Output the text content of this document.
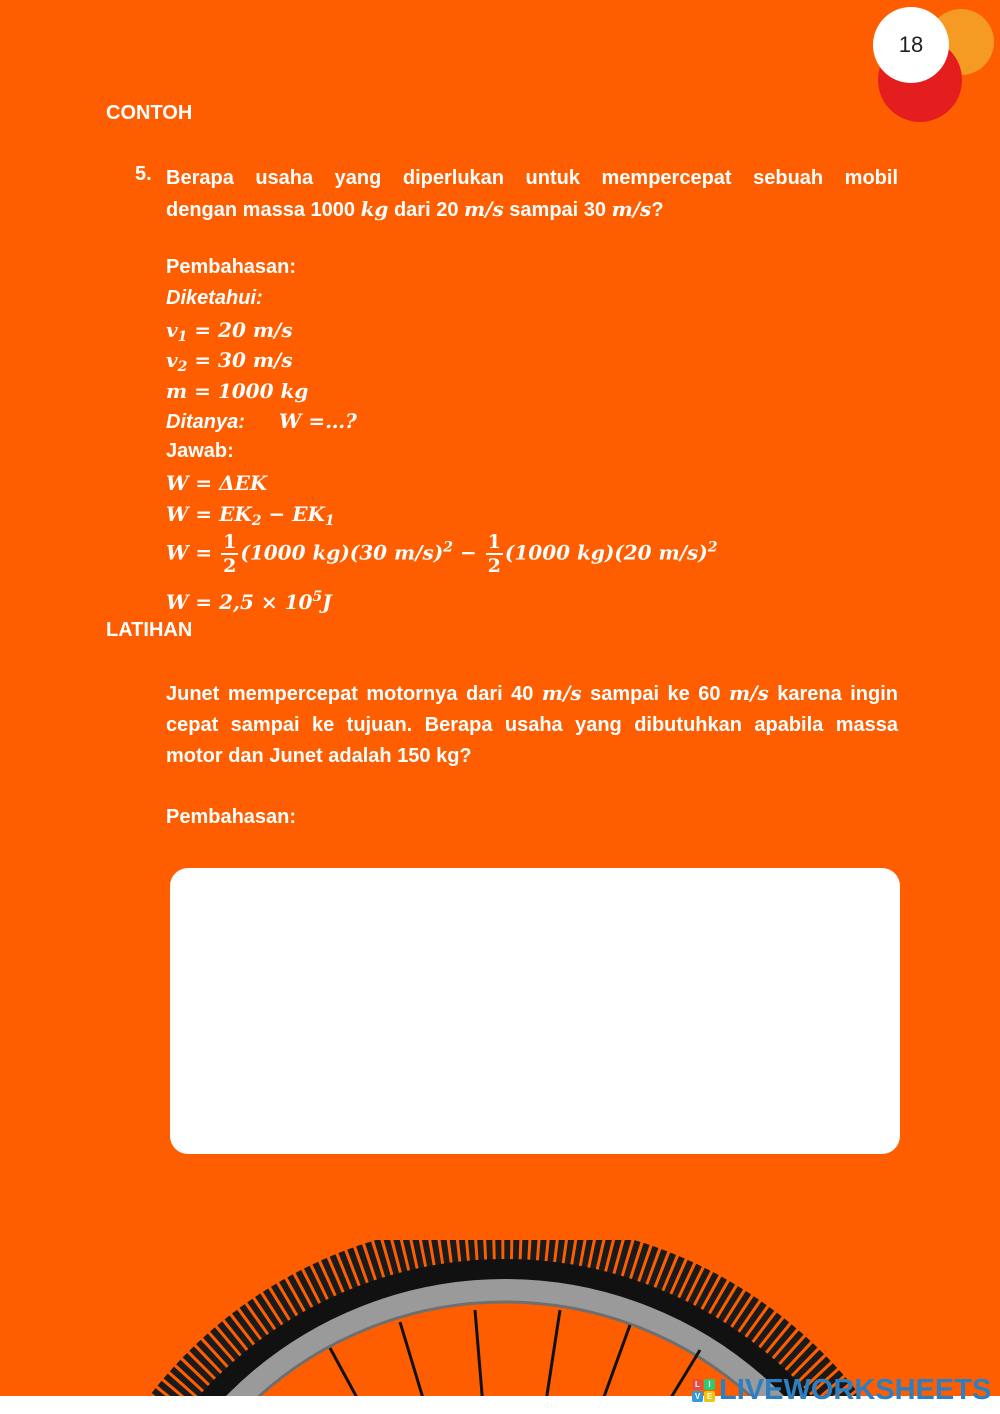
18
CONTOH
5. Berapa usaha yang diperlukan untuk mempercepat sebuah mobil
dengan massa 1000 kg dari 20 m/s sampai 30 m/s?
Pembahasan:
Diketahui:
$v_1 = 20$ m/s
$v_2 = 30$ m/s
m = 1000 kg
Ditanya: W =…?
Jawab:
W = ΔEK
$W = EK_2 - EK_1$
$W = \frac{1}{2} (1000$ kg)(30 $m/s)^2 - \frac{1}{2} (1000$ kg)(20 m/s)$^2$
$W = 2,5 \times 10^5J$
LATIHAN
Junet mempercepat motornya dari 40 m/s sampai ke 60 m/s karena ingin cepat sampai ke tujuan. Berapa usaha yang dibutuhkan apabila massa motor dan Junet adalah 150 kg?
Pembahasan:
L	I
V E LIVEWORKSHEETS
